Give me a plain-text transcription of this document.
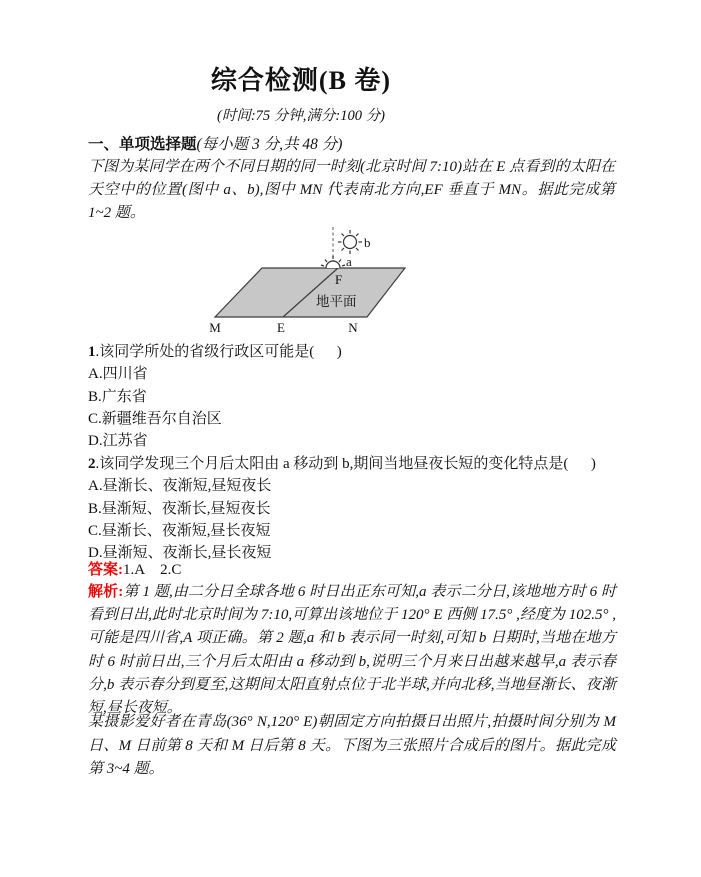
综合检测(B 卷)
(时间:75 分钟,满分:100 分)
一、单项选择题(每小题 3 分,共 48 分)

下图为某同学在两个不同日期的同一时刻(北京时间 7:10)站在 E 点看到的太阳在天空中的位置(图中 a、b),图中 MN 代表南北方向,EF 垂直于 MN。据此完成第 1~2 题。

b
a
F
地平面
M	E	N
1.该同学所处的省级行政区可能是(      )
A.四川省
B.广东省
C.新疆维吾尔自治区
D.江苏省
2.该同学发现三个月后太阳由 a 移动到 b,期间当地昼夜长短的变化特点是(      )
A.昼渐长、夜渐短,昼短夜长
B.昼渐短、夜渐长,昼短夜长
C.昼渐长、夜渐短,昼长夜短
D.昼渐短、夜渐长,昼长夜短
答案:1.A    2.C

解析:第 1 题,由二分日全球各地 6 时日出正东可知,a 表示二分日,该地地方时 6 时看到日出,此时北京时间为 7:10,可算出该地位于 120° E 西侧 17.5° ,经度为 102.5° ,可能是四川省,A 项正确。第 2 题,a 和 b 表示同一时刻,可知 b 日期时,当地在地方时 6 时前日出,三个月后太阳由 a 移动到 b,说明三个月来日出越来越早,a 表示春分,b 表示春分到夏至,这期间太阳直射点位于北半球,并向北移,当地昼渐长、夜渐短,昼长夜短。

某摄影爱好者在青岛(36° N,120° E)朝固定方向拍摄日出照片,拍摄时间分别为 M 日、M 日前第 8 天和 M 日后第 8 天。下图为三张照片合成后的图片。据此完成第 3~4 题。
